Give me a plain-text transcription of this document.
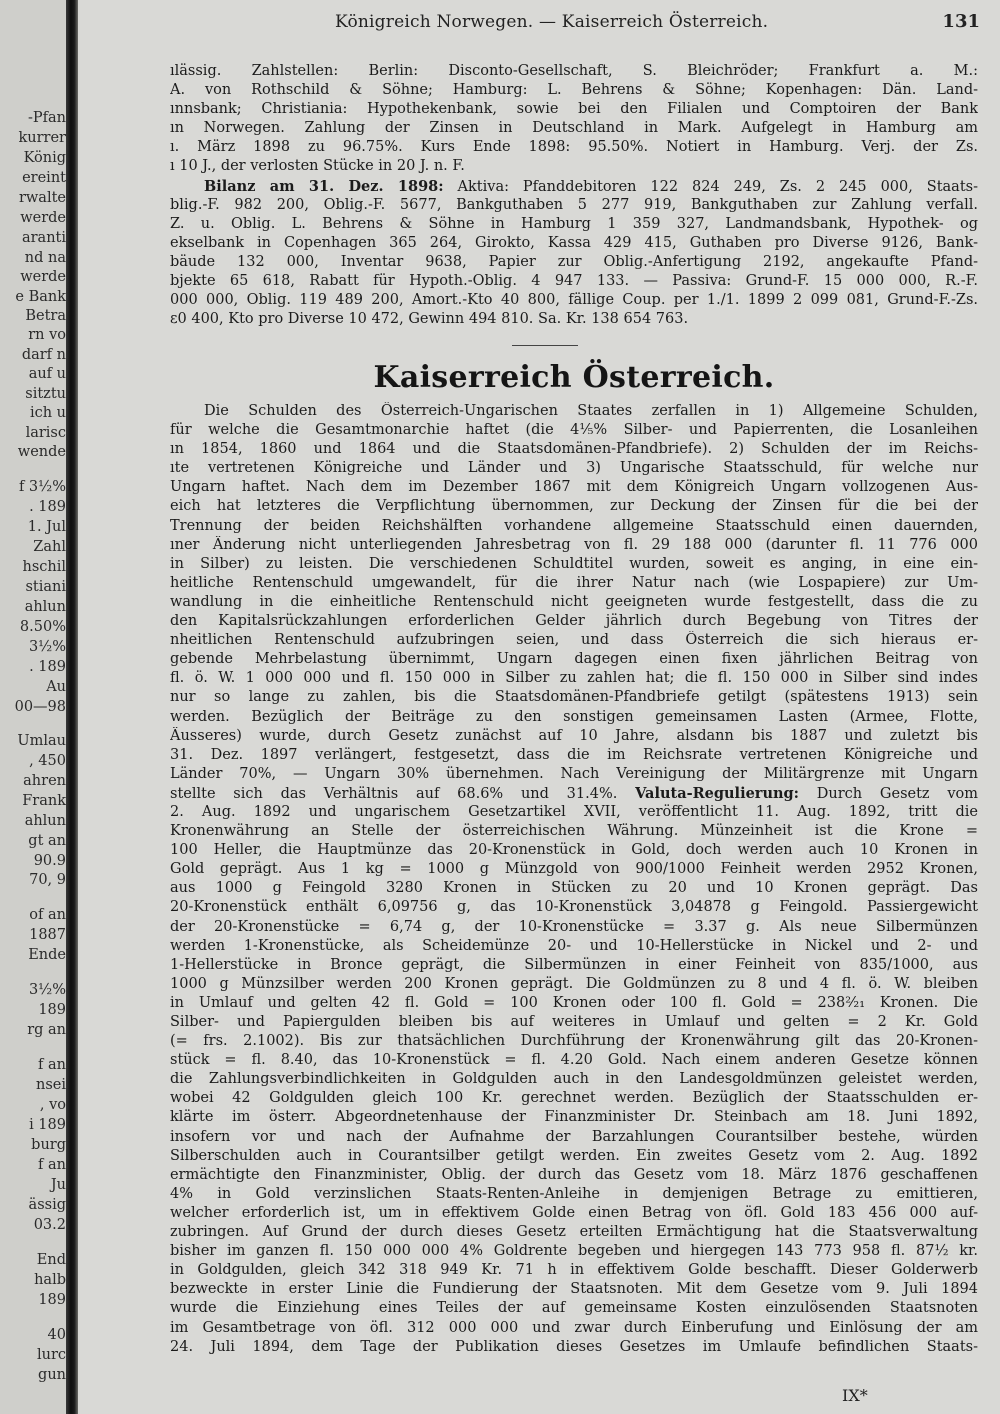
-Pfan
kurrer
König
ereint
rwalte
werde
aranti
nd na
werde
e Bank
Betra
rn vo
darf n
auf u
sitztu
ich u
larisc
wende
f 3½%
. 189
1. Jul
Zahl
hschil
stiani
ahlun
8.50%
3½%
. 189
Au
00—98
Umlau
, 450
ahren
Frank
ahlun
gt an
90.9
70, 9
of an
1887
Ende
3½%
189
rg an
f an
nsei
, vo
i 189
burg
f an
Ju
ässig
03.2
End
halb
189
40
lurc
gun
Königreich Norwegen. — Kaiserreich Österreich.	131
ılässig. Zahlstellen: Berlin: Disconto-Gesellschaft, S. Bleichröder; Frankfurt a. M.:
A. von Rothschild & Söhne; Hamburg: L. Behrens & Söhne; Kopenhagen: Dän. Land-
ınnsbank; Christiania: Hypothekenbank, sowie bei den Filialen und Comptoiren der Bank
ın Norwegen. Zahlung der Zinsen in Deutschland in Mark. Aufgelegt in Hamburg am
ı. März 1898 zu 96.75%. Kurs Ende 1898: 95.50%. Notiert in Hamburg. Verj. der Zs.
ı 10 J., der verlosten Stücke in 20 J. n. F.
Bilanz am 31. Dez. 1898: Aktiva: Pfanddebitoren 122 824 249, Zs. 2 245 000, Staats-
blig.-F. 982 200, Oblig.-F. 5677, Bankguthaben 5 277 919, Bankguthaben zur Zahlung verfall.
Z. u. Oblig. L. Behrens & Söhne in Hamburg 1 359 327, Landmandsbank, Hypothek- og
ekselbank in Copenhagen 365 264, Girokto, Kassa 429 415, Guthaben pro Diverse 9126, Bank-
bäude 132 000, Inventar 9638, Papier zur Oblig.-Anfertigung 2192, angekaufte Pfand-
bjekte 65 618, Rabatt für Hypoth.-Oblig. 4 947 133. — Passiva: Grund-F. 15 000 000, R.-F.
000 000, Oblig. 119 489 200, Amort.-Kto 40 800, fällige Coup. per 1./1. 1899 2 099 081, Grund-F.-Zs.
ε0 400, Kto pro Diverse 10 472, Gewinn 494 810. Sa. Kr. 138 654 763.
Kaiserreich Österreich.
Die Schulden des Österreich-Ungarischen Staates zerfallen in 1) Allgemeine Schulden,
für welche die Gesamtmonarchie haftet (die 4⅕% Silber- und Papierrenten, die Losanleihen
ın 1854, 1860 und 1864 und die Staatsdomänen-Pfandbriefe). 2) Schulden der im Reichs-
ıte vertretenen Königreiche und Länder und 3) Ungarische Staatsschuld, für welche nur
Ungarn haftet. Nach dem im Dezember 1867 mit dem Königreich Ungarn vollzogenen Aus-
eich hat letzteres die Verpflichtung übernommen, zur Deckung der Zinsen für die bei der
Trennung der beiden Reichshälften vorhandene allgemeine Staatsschuld einen dauernden,
ıner Änderung nicht unterliegenden Jahresbetrag von fl. 29 188 000 (darunter fl. 11 776 000
in Silber) zu leisten. Die verschiedenen Schuldtitel wurden, soweit es anging, in eine ein-
heitliche Rentenschuld umgewandelt, für die ihrer Natur nach (wie Lospapiere) zur Um-
wandlung in die einheitliche Rentenschuld nicht geeigneten wurde festgestellt, dass die zu
den Kapitalsrückzahlungen erforderlichen Gelder jährlich durch Begebung von Titres der
nheitlichen Rentenschuld aufzubringen seien, und dass Österreich die sich hieraus er-
gebende Mehrbelastung übernimmt, Ungarn dagegen einen fixen jährlichen Beitrag von
fl. ö. W. 1 000 000 und fl. 150 000 in Silber zu zahlen hat; die fl. 150 000 in Silber sind indes
nur so lange zu zahlen, bis die Staatsdomänen-Pfandbriefe getilgt (spätestens 1913) sein
werden. Bezüglich der Beiträge zu den sonstigen gemeinsamen Lasten (Armee, Flotte,
Äusseres) wurde, durch Gesetz zunächst auf 10 Jahre, alsdann bis 1887 und zuletzt bis
31. Dez. 1897 verlängert, festgesetzt, dass die im Reichsrate vertretenen Königreiche und
Länder 70%, — Ungarn 30% übernehmen. Nach Vereinigung der Militärgrenze mit Ungarn
stellte sich das Verhältnis auf 68.6% und 31.4%. Valuta-Regulierung: Durch Gesetz vom
2. Aug. 1892 und ungarischem Gesetzartikel XVII, veröffentlicht 11. Aug. 1892, tritt die
Kronenwährung an Stelle der österreichischen Währung. Münzeinheit ist die Krone =
100 Heller, die Hauptmünze das 20-Kronenstück in Gold, doch werden auch 10 Kronen in
Gold geprägt. Aus 1 kg = 1000 g Münzgold von 900/1000 Feinheit werden 2952 Kronen,
aus 1000 g Feingold 3280 Kronen in Stücken zu 20 und 10 Kronen geprägt. Das
20-Kronenstück enthält 6,09756 g, das 10-Kronenstück 3,04878 g Feingold. Passiergewicht
der 20-Kronenstücke = 6,74 g, der 10-Kronenstücke = 3.37 g. Als neue Silbermünzen
werden 1-Kronenstücke, als Scheidemünze 20- und 10-Hellerstücke in Nickel und 2- und
1-Hellerstücke in Bronce geprägt, die Silbermünzen in einer Feinheit von 835/1000, aus
1000 g Münzsilber werden 200 Kronen geprägt. Die Goldmünzen zu 8 und 4 fl. ö. W. bleiben
in Umlauf und gelten 42 fl. Gold = 100 Kronen oder 100 fl. Gold = 238²⁄₂₁ Kronen. Die
Silber- und Papiergulden bleiben bis auf weiteres in Umlauf und gelten = 2 Kr. Gold
(= frs. 2.1002). Bis zur thatsächlichen Durchführung der Kronenwährung gilt das 20-Kronen-
stück = fl. 8.40, das 10-Kronenstück = fl. 4.20 Gold. Nach einem anderen Gesetze können
die Zahlungsverbindlichkeiten in Goldgulden auch in den Landesgoldmünzen geleistet werden,
wobei 42 Goldgulden gleich 100 Kr. gerechnet werden. Bezüglich der Staatsschulden er-
klärte im österr. Abgeordnetenhause der Finanzminister Dr. Steinbach am 18. Juni 1892,
insofern vor und nach der Aufnahme der Barzahlungen Courantsilber bestehe, würden
Silberschulden auch in Courantsilber getilgt werden. Ein zweites Gesetz vom 2. Aug. 1892
ermächtigte den Finanzminister, Oblig. der durch das Gesetz vom 18. März 1876 geschaffenen
4% in Gold verzinslichen Staats-Renten-Anleihe in demjenigen Betrage zu emittieren,
welcher erforderlich ist, um in effektivem Golde einen Betrag von öfl. Gold 183 456 000 auf-
zubringen. Auf Grund der durch dieses Gesetz erteilten Ermächtigung hat die Staatsverwaltung
bisher im ganzen fl. 150 000 000 4% Goldrente begeben und hiergegen 143 773 958 fl. 87½ kr.
in Goldgulden, gleich 342 318 949 Kr. 71 h in effektivem Golde beschafft. Dieser Golderwerb
bezweckte in erster Linie die Fundierung der Staatsnoten. Mit dem Gesetze vom 9. Juli 1894
wurde die Einziehung eines Teiles der auf gemeinsame Kosten einzulösenden Staatsnoten
im Gesamtbetrage von öfl. 312 000 000 und zwar durch Einberufung und Einlösung der am
24. Juli 1894, dem Tage der Publikation dieses Gesetzes im Umlaufe befindlichen Staats-
IX*
